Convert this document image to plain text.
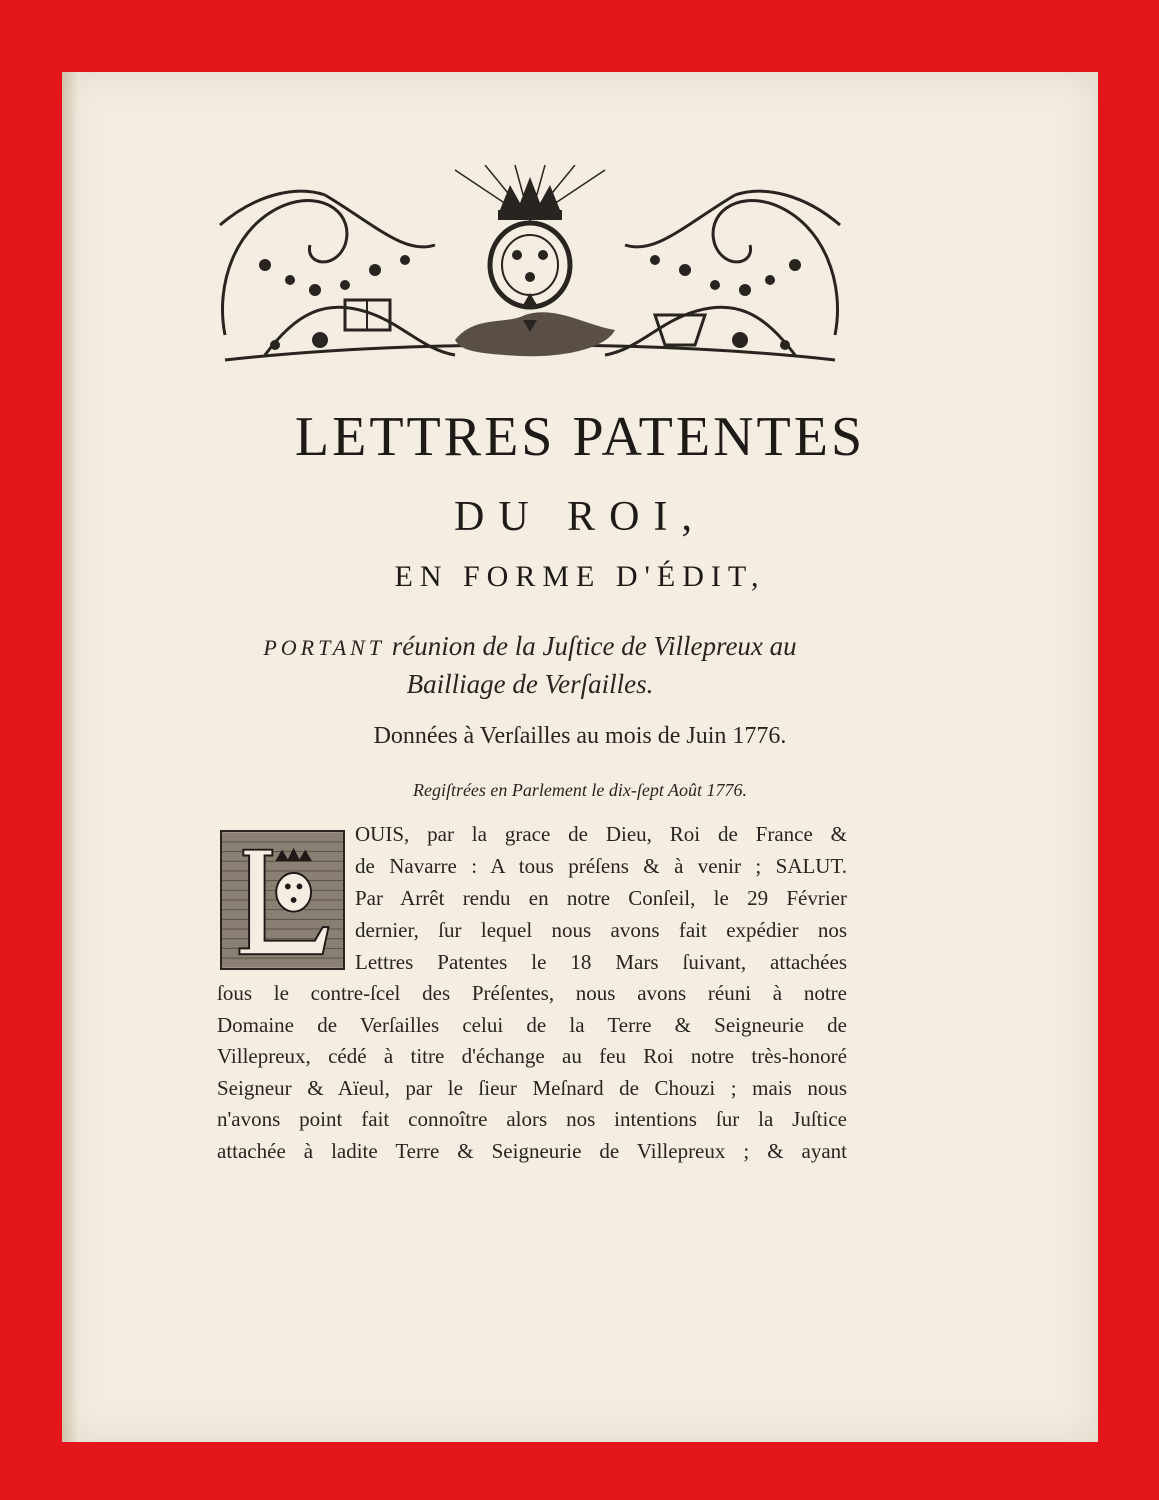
LETTRES PATENTES
DU ROI,
EN FORME D'ÉDIT,
PORTANT réunion de la Juſtice de Villepreux au
Bailliage de Verſailles.
Données à Verſailles au mois de Juin 1776.
Regiſtrées en Parlement le dix-ſept Août 1776.
OUIS, par la grace de Dieu, Roi de France &
de Navarre : A tous préſens & à venir ; SALUT.
Par Arrêt rendu en notre Conſeil, le 29 Février
dernier, ſur lequel nous avons fait expédier nos
Lettres Patentes le 18 Mars ſuivant, attachées
ſous le contre-ſcel des Préſentes, nous avons réuni à notre
Domaine de Verſailles celui de la Terre & Seigneurie de
Villepreux, cédé à titre d'échange au feu Roi notre très-honoré
Seigneur & Aïeul, par le ſieur Meſnard de Chouzi ; mais nous
n'avons point fait connoître alors nos intentions ſur la Juſtice
attachée à ladite Terre & Seigneurie de Villepreux ; & ayant
